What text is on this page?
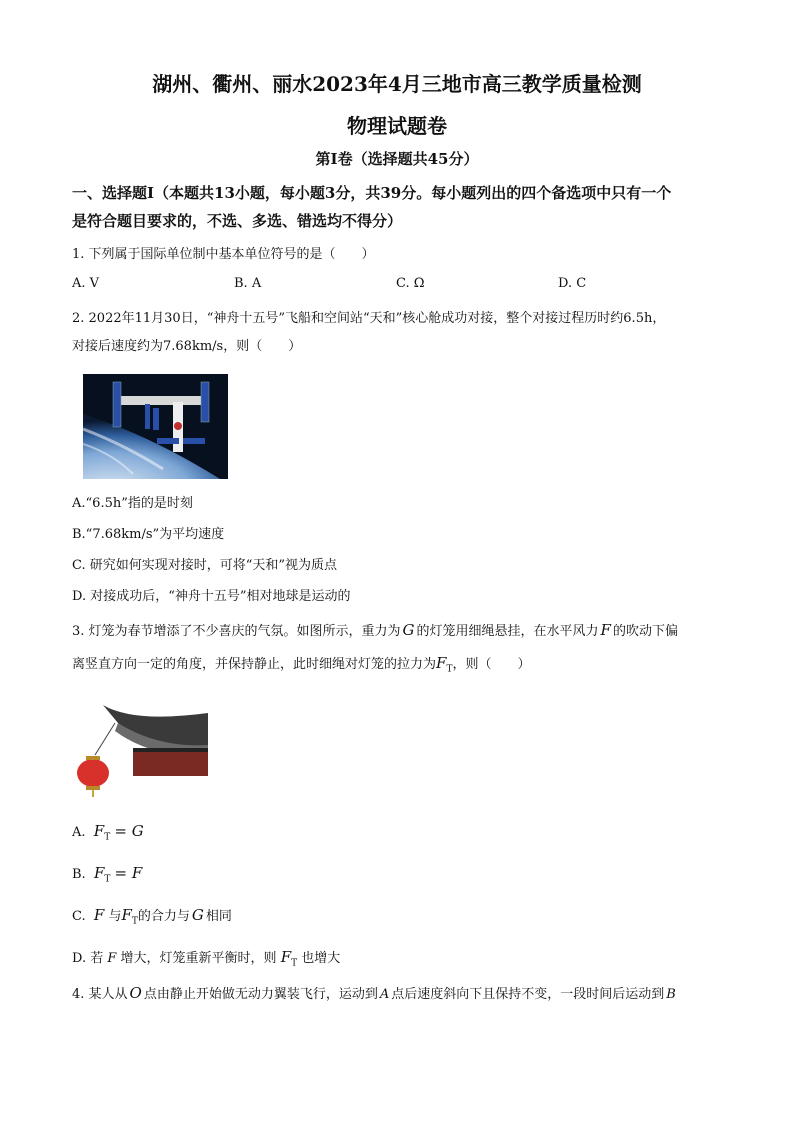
湖州、衢州、丽水2023年4月三地市高三教学质量检测
物理试题卷
第Ⅰ卷（选择题共45分）
一、选择题Ⅰ（本题共13小题，每小题3分，共39分。每小题列出的四个备选项中只有一个
是符合题目要求的，不选、多选、错选均不得分）
1. 下列属于国际单位制中基本单位符号的是（　　）
A. V	B. A	C. Ω	D. C
2. 2022年11月30日，“神舟十五号”飞船和空间站“天和”核心舱成功对接，整个对接过程历时约6.5h，
对接后速度约为7.68km/s，则（　　）
A.“6.5h”指的是时刻
B.“7.68km/s”为平均速度
C. 研究如何实现对接时，可将“天和”视为质点
D. 对接成功后，“神舟十五号”相对地球是运动的
3. 灯笼为春节增添了不少喜庆的气氛。如图所示，重力为 G 的灯笼用细绳悬挂，在水平风力 F 的吹动下偏
离竖直方向一定的角度，并保持静止，此时细绳对灯笼的拉力为$F_T$，则（　　）
A. $F_T = G$
B. $F_T = F$
C. F 与$F_T$的合力与 G 相同
D. 若 F 增大，灯笼重新平衡时，则 $F_T$ 也增大
4. 某人从 O 点由静止开始做无动力翼装飞行，运动到 A 点后速度斜向下且保持不变，一段时间后运动到 B
